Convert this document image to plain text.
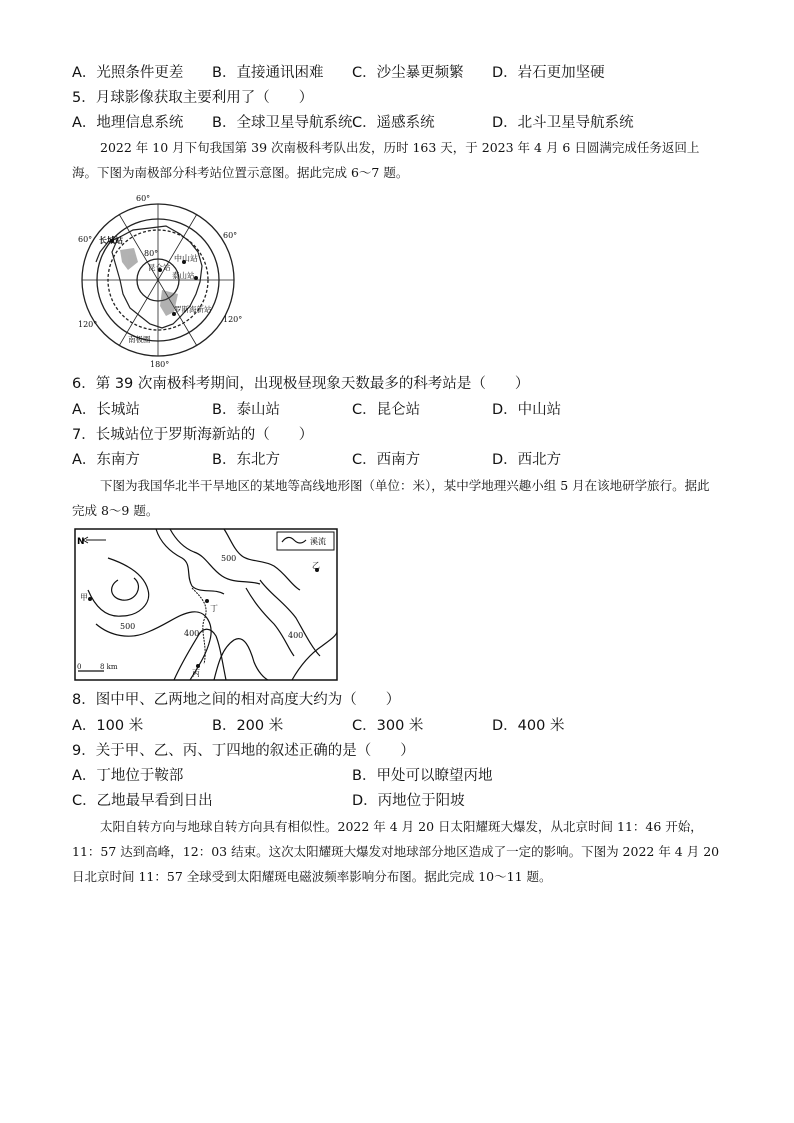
A．光照条件更差 B．直接通讯困难 C．沙尘暴更频繁 D．岩石更加坚硬
5．月球影像获取主要利用了（　　）
A．地理信息系统 B．全球卫星导航系统 C．遥感系统	D．北斗卫星导航系统
2022 年 10 月下旬我国第 39 次南极科考队出发，历时 163 天，于 2023 年 4 月 6 日圆满完成任务返回上海。下图为南极部分科考站位置示意图。据此完成 6～7 题。
60°
60°	60°
120°
120°
180°
80°
长城站
中山站
昆仑站
泰山站
罗斯海新站
南极圈
6．第 39 次南极科考期间，出现极昼现象天数最多的科考站是（　　）
A．长城站	B．泰山站	C．昆仑站	D．中山站
7．长城站位于罗斯海新站的（　　）
A．东南方	B．东北方	C．西南方	D．西北方
下图为我国华北半干旱地区的某地等高线地形图（单位：米），某中学地理兴趣小组 5 月在该地研学旅行。据此完成 8～9 题。
N	溪流
500
500
400	400
甲
乙
丙
丁
0	8 km
8．图中甲、乙两地之间的相对高度大约为（　　）
A．100 米	B．200 米	C．300 米	D．400 米
9．关于甲、乙、丙、丁四地的叙述正确的是（　　）
A．丁地位于鞍部	B．甲处可以瞭望丙地
C．乙地最早看到日出	D．丙地位于阳坡
太阳自转方向与地球自转方向具有相似性。2022 年 4 月 20 日太阳耀斑大爆发，从北京时间 11：46 开始，11：57 达到高峰，12：03 结束。这次太阳耀斑大爆发对地球部分地区造成了一定的影响。下图为 2022 年 4 月 20 日北京时间 11：57 全球受到太阳耀斑电磁波频率影响分布图。据此完成 10～11 题。
